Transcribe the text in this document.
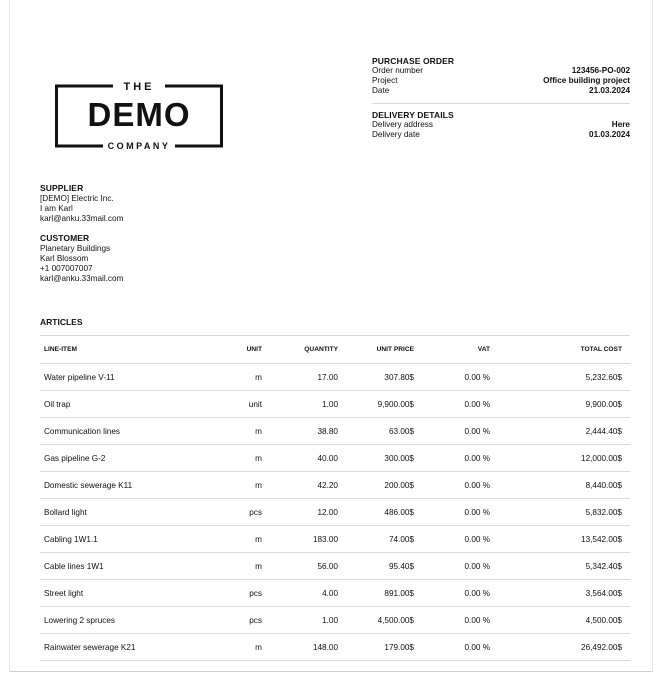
THE
DEMO
COMPANY
PURCHASE ORDER
Order number	123456-PO-002
Project	Office building project
Date	21.03.2024
DELIVERY DETAILS
Delivery address	Here
Delivery date	01.03.2024
SUPPLIER
[DEMO] Electric Inc.
I am Karl
karl@anku.33mail.com
CUSTOMER
Planetary Buildings
Karl Blossom
+1 007007007
karl@anku.33mail.com
ARTICLES
LINE-ITEM	UNIT	QUANTITY	UNIT PRICE	VAT	TOTAL COST
Water pipeline V-11	m	17.00	307.80$	0.00 %	5,232.60$
Oil trap	unit	1.00	9,900.00$	0.00 %	9,900.00$
Communication lines	m	38.80	63.00$	0.00 %	2,444.40$
Gas pipeline G-2	m	40.00	300.00$	0.00 %	12,000.00$
Domestic sewerage K11	m	42.20	200.00$	0.00 %	8,440.00$
Bollard light	pcs	12.00	486.00$	0.00 %	5,832.00$
Cabling 1W1.1	m	183.00	74.00$	0.00 %	13,542.00$
Cable lines 1W1	m	56.00	95.40$	0.00 %	5,342.40$
Street light	pcs	4.00	891.00$	0.00 %	3,564.00$
Lowering 2 spruces	pcs	1.00	4,500.00$	0.00 %	4,500.00$
Rainwater sewerage K21	m	148.00	179.00$	0.00 %	26,492.00$
